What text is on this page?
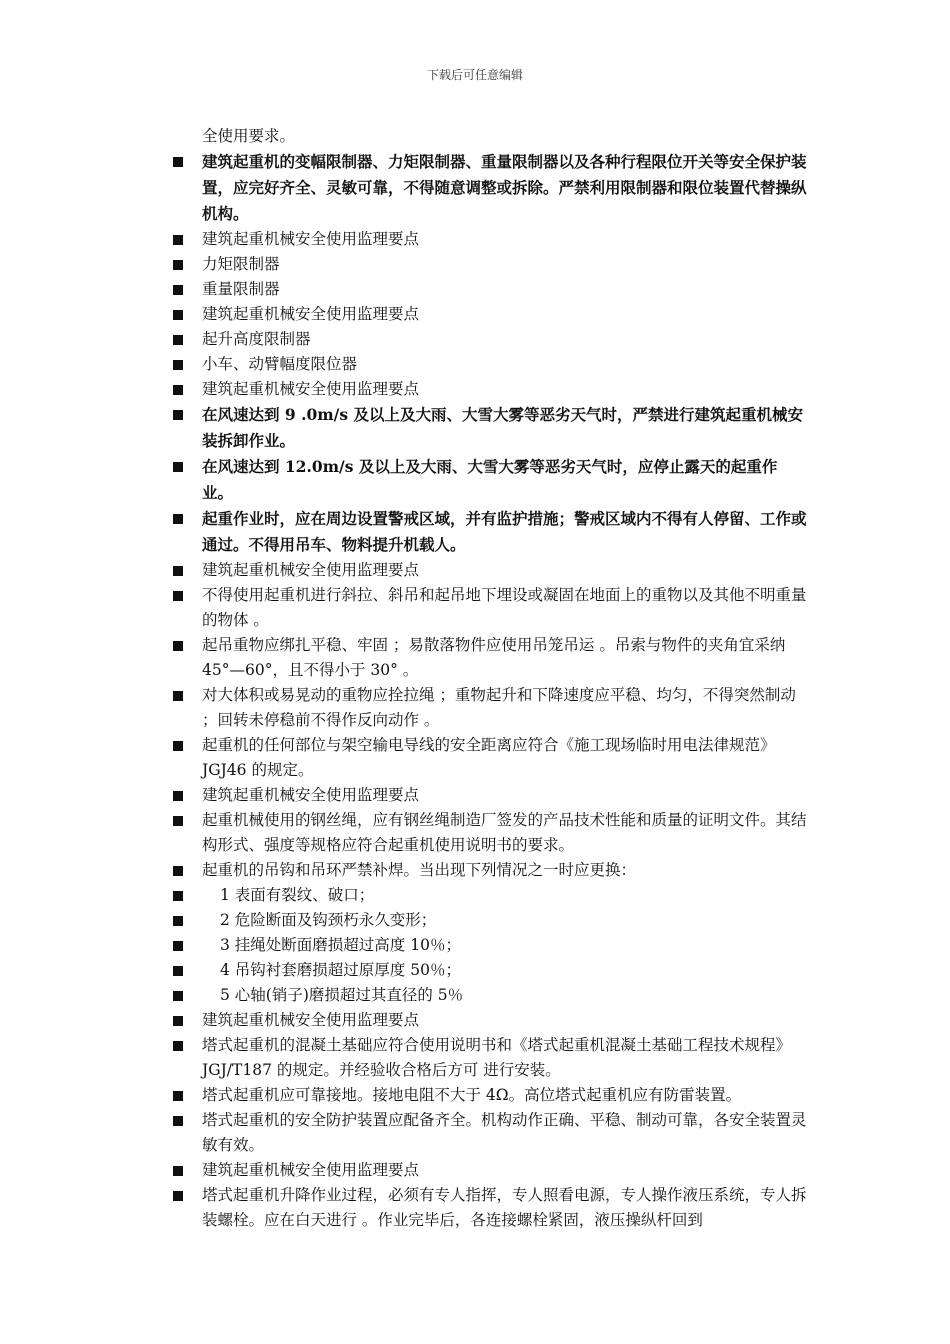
下载后可任意编辑
全使用要求。
建筑起重机的变幅限制器、力矩限制器、重量限制器以及各种行程限位开关等安全保护装置，应完好齐全、灵敏可靠，不得随意调整或拆除。严禁利用限制器和限位装置代替操纵机构。
建筑起重机械安全使用监理要点
力矩限制器
重量限制器
建筑起重机械安全使用监理要点
起升高度限制器
小车、动臂幅度限位器
建筑起重机械安全使用监理要点
在风速达到 9 .0m/s 及以上及大雨、大雪大雾等恶劣天气时，严禁进行建筑起重机械安装拆卸作业。
在风速达到 12.0m/s 及以上及大雨、大雪大雾等恶劣天气时，应停止露天的起重作业。
起重作业时，应在周边设置警戒区域，并有监护措施；警戒区域内不得有人停留、工作或通过。不得用吊车、物料提升机载人。
建筑起重机械安全使用监理要点
不得使用起重机进行斜拉、斜吊和起吊地下埋设或凝固在地面上的重物以及其他不明重量的物体 。
起吊重物应绑扎平稳、牢固 ；易散落物件应使用吊笼吊运 。吊索与物件的夹角宜采纳 45°—60°，且不得小于 30° 。
对大体积或易晃动的重物应拴拉绳 ；重物起升和下降速度应平稳、均匀，不得突然制动 ；回转未停稳前不得作反向动作 。
起重机的任何部位与架空输电导线的安全距离应符合《施工现场临时用电法律规范》JGJ46 的规定。
建筑起重机械安全使用监理要点
起重机械使用的钢丝绳，应有钢丝绳制造厂签发的产品技术性能和质量的证明文件。其结构形式、强度等规格应符合起重机使用说明书的要求。
起重机的吊钩和吊环严禁补焊。当出现下列情况之一时应更换：
1 表面有裂纹、破口；
2 危险断面及钩颈朽永久变形；
3 挂绳处断面磨损超过高度 10％；
4 吊钩衬套磨损超过原厚度 50％；
5 心轴(销子)磨损超过其直径的 5％
建筑起重机械安全使用监理要点
塔式起重机的混凝土基础应符合使用说明书和《塔式起重机混凝土基础工程技术规程》JGJ/T187 的规定。并经验收合格后方可 进行安装。
塔式起重机应可靠接地。接地电阻不大于 4Ω。高位塔式起重机应有防雷装置。
塔式起重机的安全防护装置应配备齐全。机构动作正确、平稳、制动可靠，各安全装置灵敏有效。
建筑起重机械安全使用监理要点
塔式起重机升降作业过程，必须有专人指挥，专人照看电源，专人操作液压系统，专人拆装螺栓。应在白天进行 。作业完毕后，各连接螺栓紧固，液压操纵杆回到
